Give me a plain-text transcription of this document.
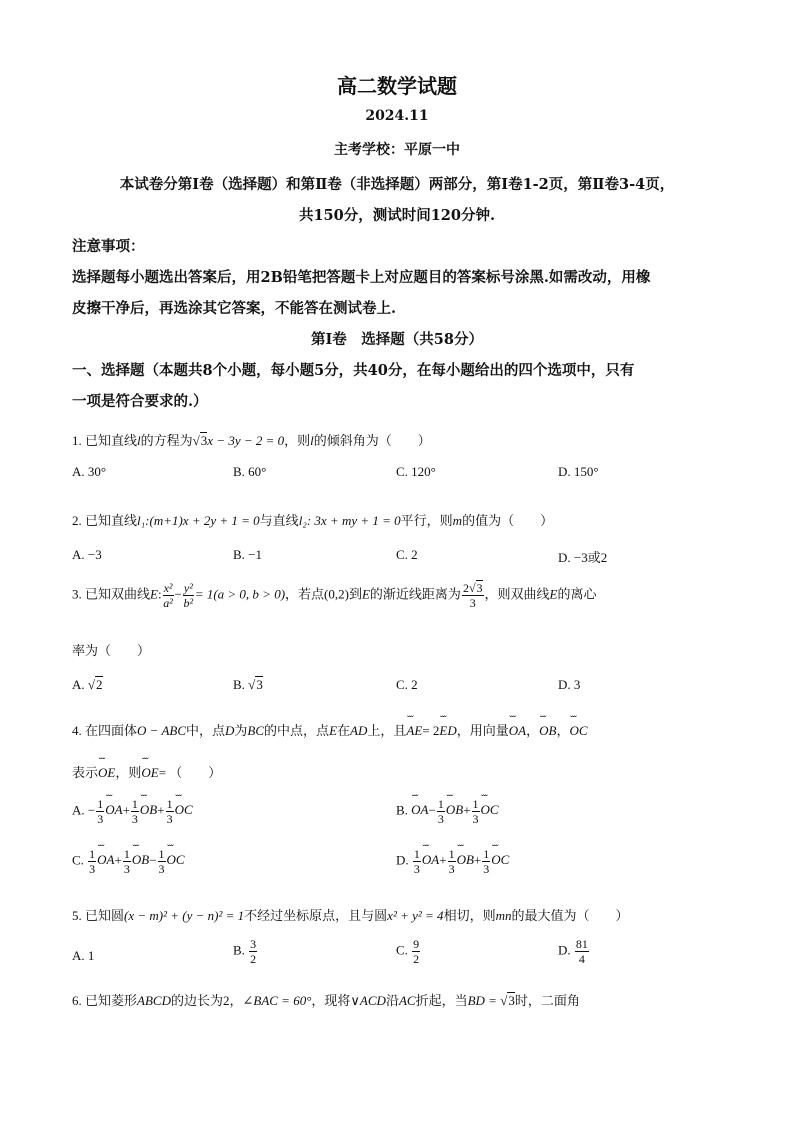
高二数学试题
2024.11
主考学校：平原一中
本试卷分第Ⅰ卷（选择题）和第Ⅱ卷（非选择题）两部分，第Ⅰ卷1-2页，第Ⅱ卷3-4页，
共150分，测试时间120分钟.
注意事项：
选择题每小题选出答案后，用2B铅笔把答题卡上对应题目的答案标号涂黑.如需改动，用橡
皮擦干净后，再选涂其它答案，不能答在测试卷上.
第Ⅰ卷　选择题（共58分）
一、选择题（本题共8个小题，每小题5分，共40分，在每小题给出的四个选项中，只有
一项是符合要求的.）
1. 已知直线l的方程为√3x − 3y − 2 = 0，则l的倾斜角为（　　）
A. 30°	B. 60°	C. 120°	D. 150°
2. 已知直线l₁:(m+1)x + 2y + 1 = 0与直线l₂: 3x + my + 1 = 0平行，则m的值为（　　）
A. −3	B. −1	C. 2	D. −3或2
3. 已知双曲线E: $\frac{\text{x²}}{\text{a²}} - \frac{\text{y²}}{\text{b²}} = 1(a > 0$, b > 0)，若点(0,2)到E的渐近线距离为 $\frac{2√3}{3}$ ，则双曲线E的离心
率为（　　）
A. √2	B. √3	C. 2	D. 3
4. 在四面体O − ABC中，点D为BC的中点，点E在AD上，且ˇˇˇ AE= 2ˇˇˇ ED，用向量ˇˇˇ OA，ˇˇˇ OB，ˇˇˇ OC
表示ˇˇˇ OE，则ˇˇˇ OE= （　　）
A. − $\frac{1}{3}$ ˇˇˇ $OA+ \frac{1}{3}$ ˇˇˇ $OB+ \frac{1}{3}$ ˇˇˇ OC	B. ˇˇˇ $OA- \frac{1}{3}$ ˇˇˇ $OB+ \frac{1}{3}$ ˇˇˇ OC
C. $\frac{1}{3}$ ˇˇˇ $OA+ \frac{1}{3}$ ˇˇˇ $OB- \frac{1}{3}$ ˇˇˇ OC	D. $\frac{1}{3}$ ˇˇˇ $OA+ \frac{1}{3}$ ˇˇˇ $OB+ \frac{1}{3}$ ˇˇˇ OC
5. 已知圆(x − m)² + (y − n)² = 1不经过坐标原点，且与圆x² + y² = 4相切，则mn的最大值为（　　）
A. 1	B. $\frac{3}{2}$	C. $\frac{9}{2}$	D. $\frac{81}{4}$
6. 已知菱形ABCD的边长为2，∠BAC = 60°，现将∨ACD沿AC折起，当BD = √3时，二面角
